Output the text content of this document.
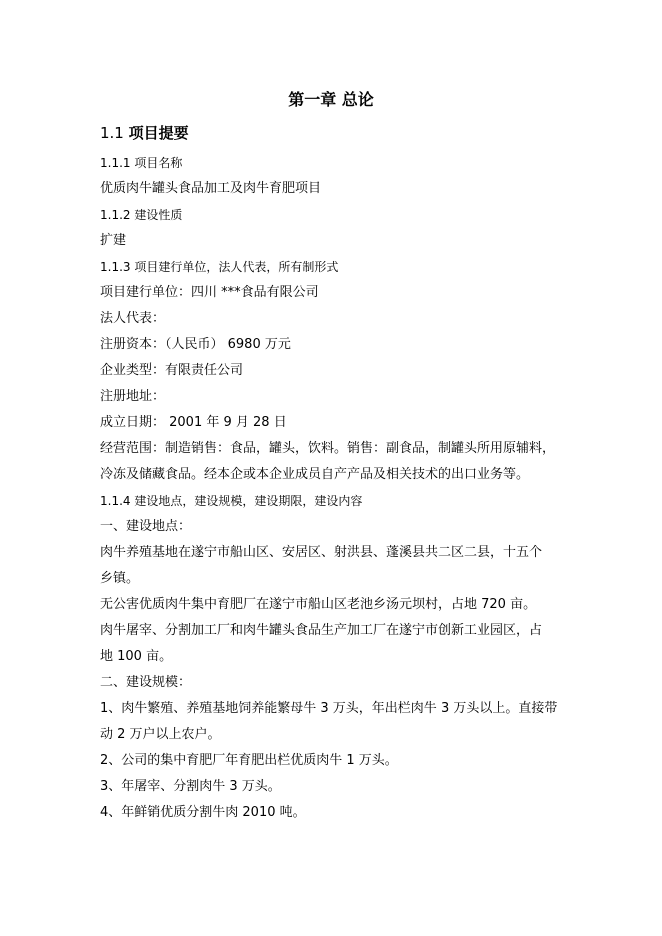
第一章 总论
1.1 项目提要
1.1.1 项目名称
优质肉牛罐头食品加工及肉牛育肥项目
1.1.2 建设性质
扩建
1.1.3 项目建行单位，法人代表，所有制形式
项目建行单位：四川 ***食品有限公司
法人代表：
注册资本：（人民币） 6980 万元
企业类型：有限责任公司
注册地址：
成立日期： 2001 年 9 月 28 日
经营范围：制造销售：食品，罐头，饮料。销售：副食品，制罐头所用原辅料，
冷冻及储藏食品。经本企或本企业成员自产产品及相关技术的出口业务等。
1.1.4 建设地点，建设规模，建设期限，建设内容
一、建设地点：
肉牛养殖基地在遂宁市船山区、安居区、射洪县、蓬溪县共二区二县，十五个
乡镇。
无公害优质肉牛集中育肥厂在遂宁市船山区老池乡汤元坝村，占地 720 亩。
肉牛屠宰、分割加工厂和肉牛罐头食品生产加工厂在遂宁市创新工业园区，占
地 100 亩。
二、建设规模：
1、肉牛繁殖、养殖基地饲养能繁母牛 3 万头，年出栏肉牛 3 万头以上。直接带
动 2 万户以上农户。
2、公司的集中育肥厂年育肥出栏优质肉牛 1 万头。
3、年屠宰、分割肉牛 3 万头。
4、年鲜销优质分割牛肉 2010 吨。
